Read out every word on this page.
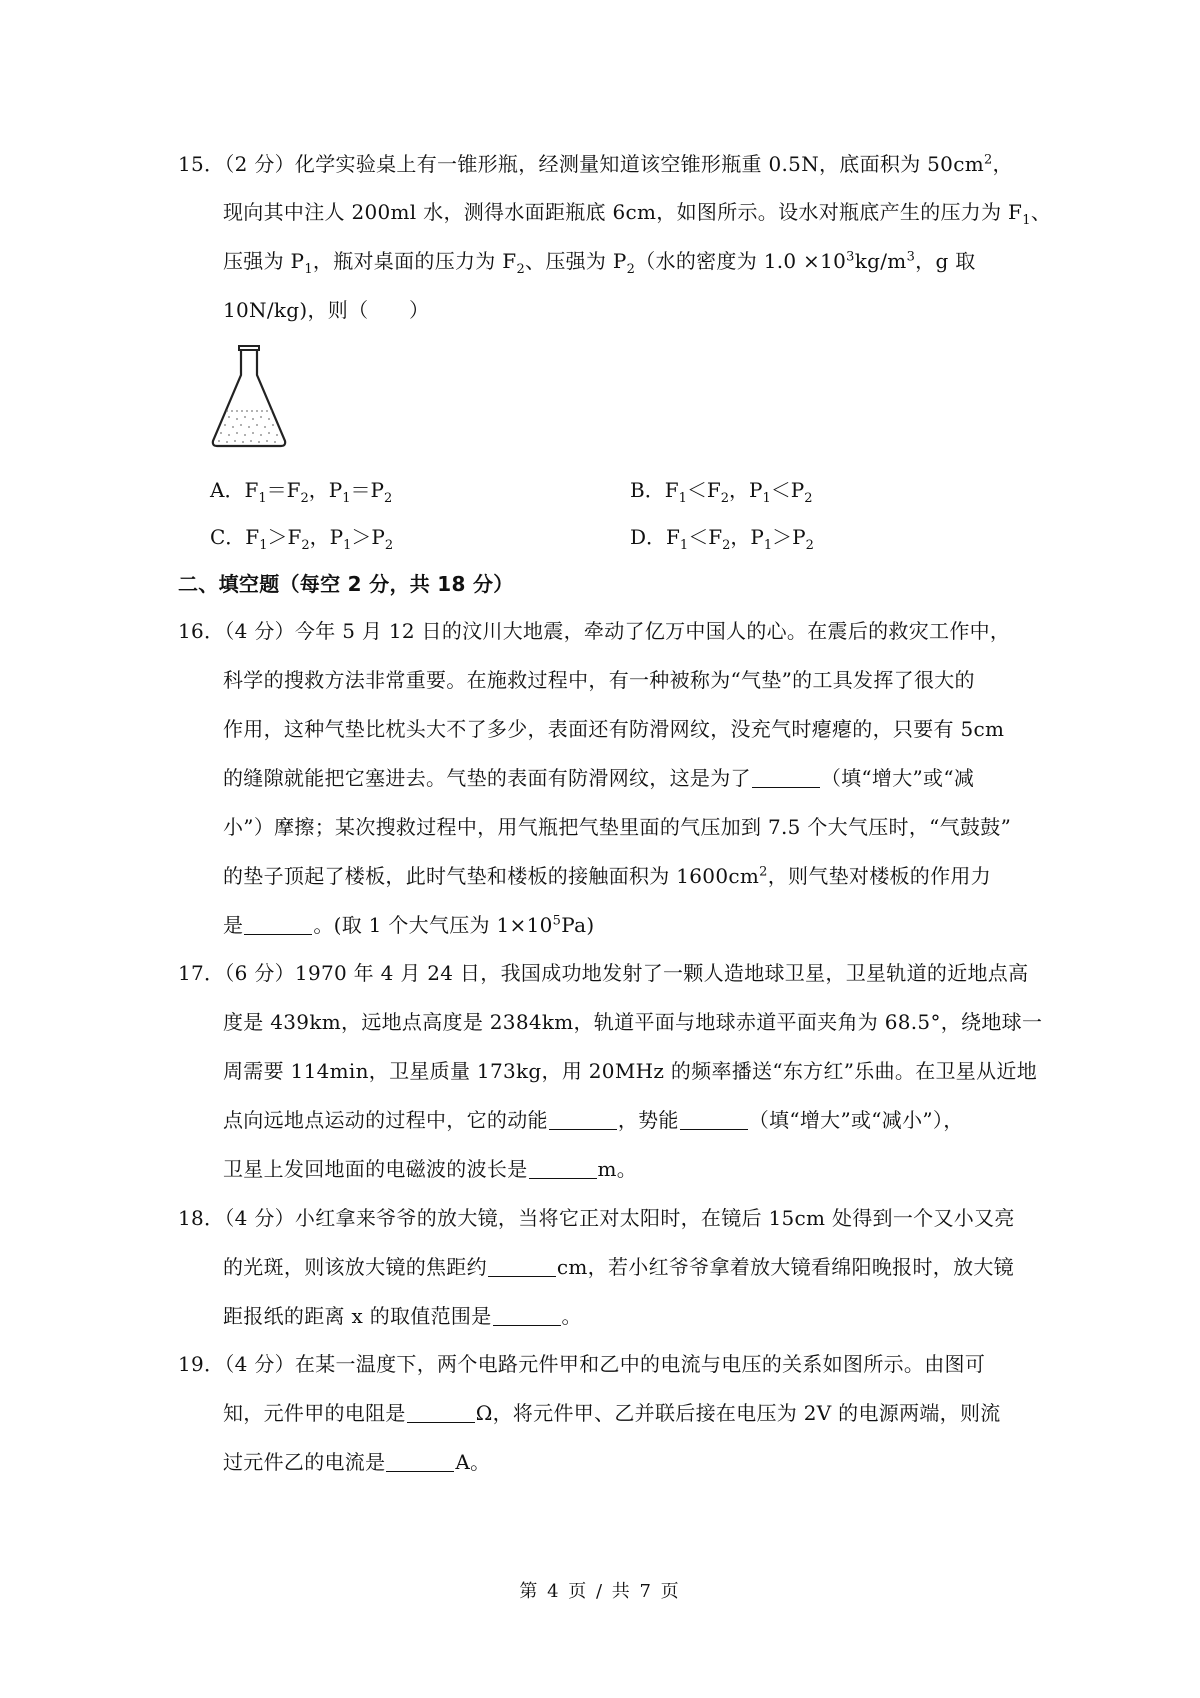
15．（2 分）化学实验桌上有一锥形瓶，经测量知道该空锥形瓶重 0.5N，底面积为 $50cm^2$，
现向其中注人 200ml 水，测得水面距瓶底 6cm，如图所示。设水对瓶底产生的压力为 $F_1$、
压强为 $P_1$，瓶对桌面的压力为 $F_2$、压强为 $P_2$（水的密度为 $1.0 \times 10^3kg/m^3$，g 取
10N/kg)，则（　　）
A．$F_1=F_2$，$P_1=P_2$	B．$F_1<F_2$，$P_1<P_2$
C．$F_1>F_2$，$P_1>P_2$	D．$F_1<F_2$，$P_1>P_2$
二、填空题（每空 2 分，共 18 分）
16．（4 分）今年 5 月 12 日的汶川大地震，牵动了亿万中国人的心。在震后的救灾工作中，
科学的搜救方法非常重要。在施救过程中，有一种被称为“气垫”的工具发挥了很大的
作用，这种气垫比枕头大不了多少，表面还有防滑网纹，没充气时瘪瘪的，只要有 5cm
的缝隙就能把它塞进去。气垫的表面有防滑网纹，这是为了	（填“增大”或“减
小”）摩擦；某次搜救过程中，用气瓶把气垫里面的气压加到 7.5 个大气压时，“气鼓鼓”
的垫子顶起了楼板，此时气垫和楼板的接触面积为 $1600cm^2$，则气垫对楼板的作用力
是	。(取 1 个大气压为 $1\times 10^5Pa$)
17．（6 分）1970 年 4 月 24 日，我国成功地发射了一颗人造地球卫星，卫星轨道的近地点高
度是 439km，远地点高度是 2384km，轨道平面与地球赤道平面夹角为 68.5°，绕地球一
周需要 114min，卫星质量 173kg，用 20MHz 的频率播送“东方红”乐曲。在卫星从近地
点向远地点运动的过程中，它的动能	，势能	（填“增大”或“减小”），
卫星上发回地面的电磁波的波长是	m。
18．（4 分）小红拿来爷爷的放大镜，当将它正对太阳时，在镜后 15cm 处得到一个又小又亮
的光斑，则该放大镜的焦距约	cm，若小红爷爷拿着放大镜看绵阳晚报时，放大镜
距报纸的距离 x 的取值范围是	。
19．（4 分）在某一温度下，两个电路元件甲和乙中的电流与电压的关系如图所示。由图可
知，元件甲的电阻是	Ω，将元件甲、乙并联后接在电压为 2V 的电源两端，则流
过元件乙的电流是	A。
第 4 页 / 共 7 页
